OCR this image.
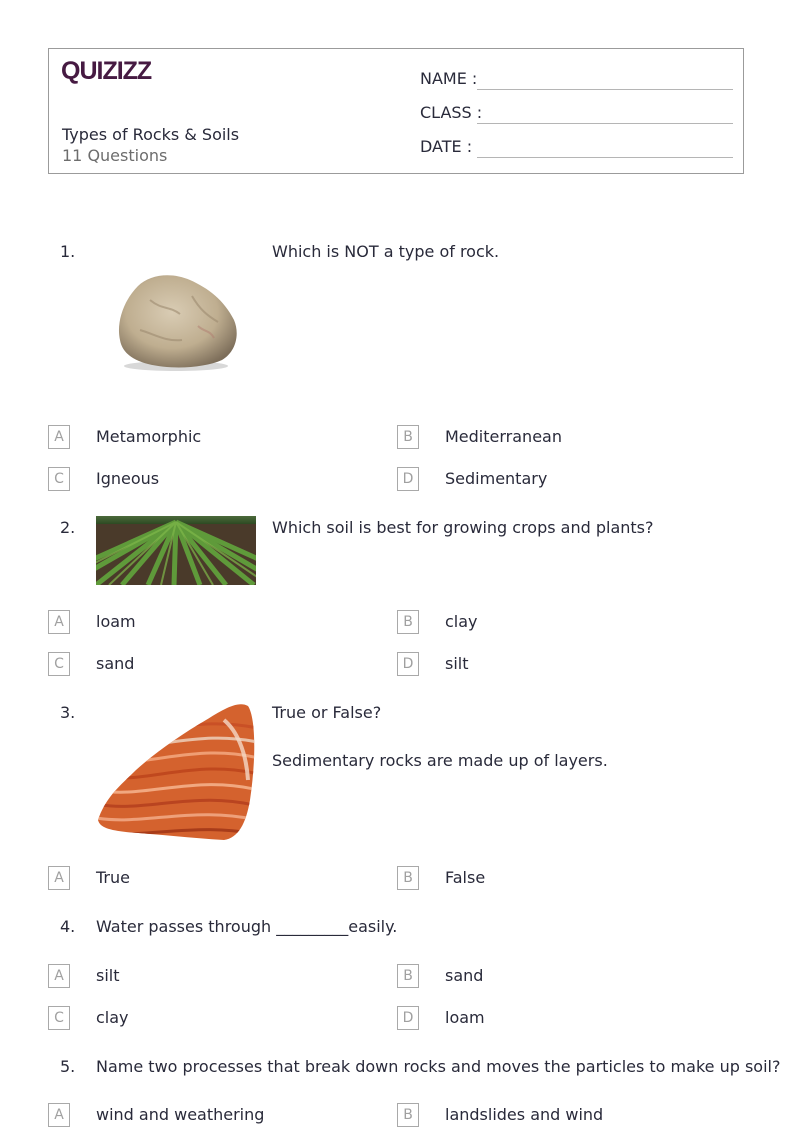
QUIZIZZ
Types of Rocks & Soils
11 Questions
NAME :
CLASS :
DATE :
1.	Which is NOT a type of rock.
A	Metamorphic	B	Mediterranean
C	Igneous	D	Sedimentary
2.	Which soil is best for growing crops and plants?
A	loam	B	clay
C	sand	D	silt
3.	True or False?
Sedimentary rocks are made up of layers.
A	True	B	False
4. Water passes through _________easily.
A	silt	B	sand
C	clay	D	loam
5. Name two processes that break down rocks and moves the particles to make up soil?
A	wind and weathering	B	landslides and wind
